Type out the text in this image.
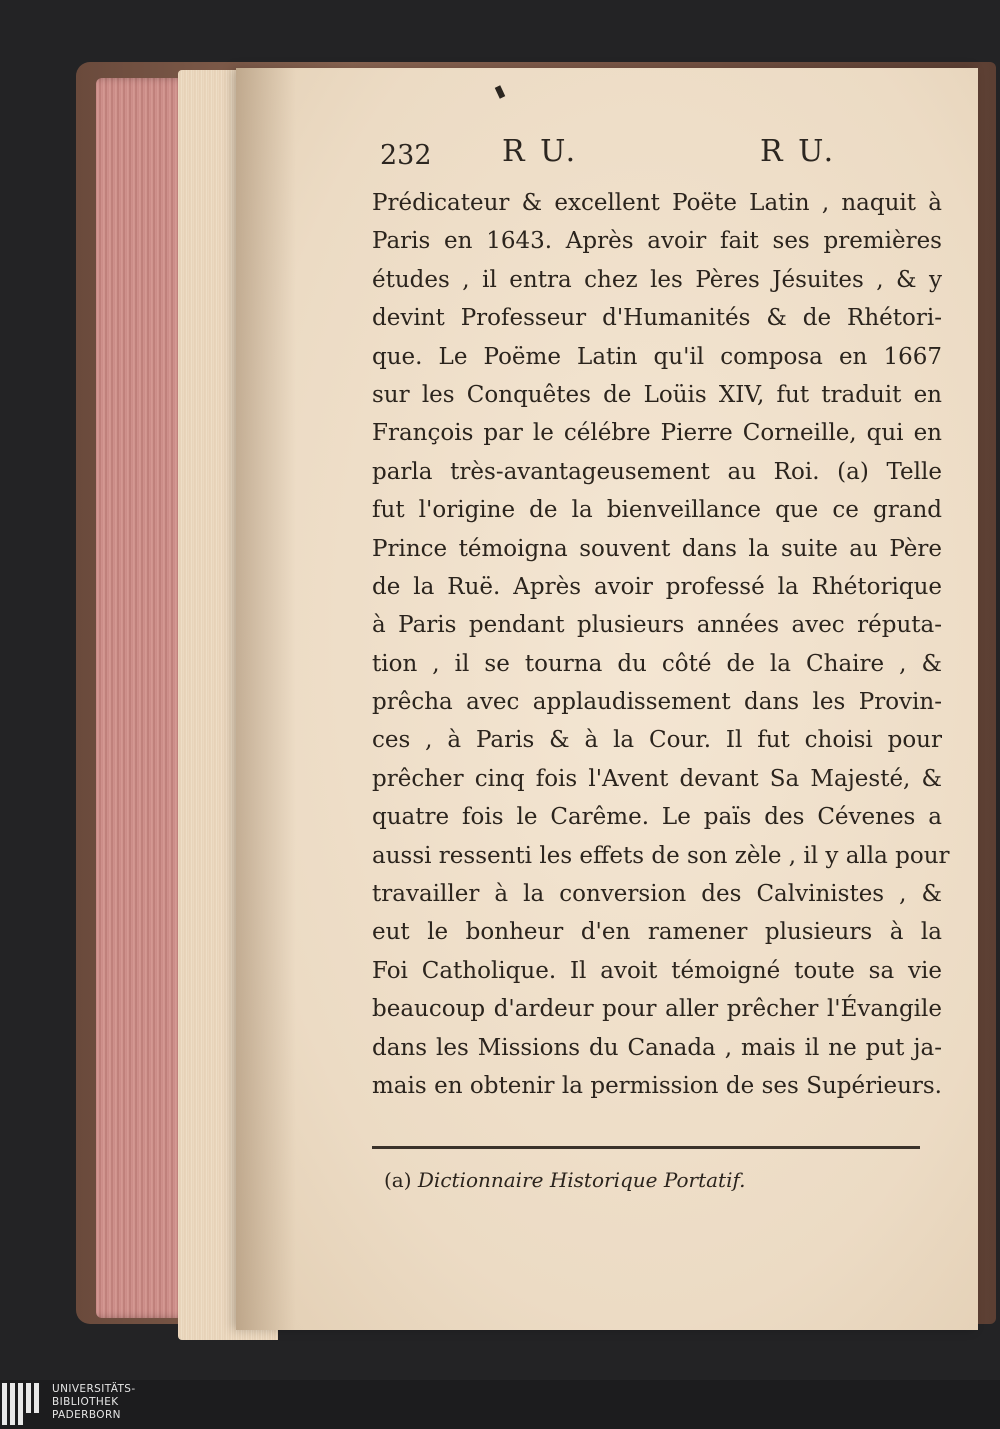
232 R U.	R U.
Prédicateur & excellent Poëte Latin , naquit à
Paris en 1643. Après avoir fait ses premières
études , il entra chez les Pères Jésuites , & y
devint Professeur d'Humanités & de Rhétori-
que. Le Poëme Latin qu'il composa en 1667
sur les Conquêtes de Loüis XIV, fut traduit en
François par le célébre Pierre Corneille, qui en
parla très-avantageusement au Roi. (a) Telle
fut l'origine de la bienveillance que ce grand
Prince témoigna souvent dans la suite au Père
de la Ruë. Après avoir professé la Rhétorique
à Paris pendant plusieurs années avec réputa-
tion , il se tourna du côté de la Chaire , &
prêcha avec applaudissement dans les Provin-
ces , à Paris & à la Cour. Il fut choisi pour
prêcher cinq fois l'Avent devant Sa Majesté, &
quatre fois le Carême. Le païs des Cévenes a
aussi ressenti les effets de son zèle , il y alla pour
travailler à la conversion des Calvinistes , &
eut le bonheur d'en ramener plusieurs à la
Foi Catholique. Il avoit témoigné toute sa vie
beaucoup d'ardeur pour aller prêcher l'Évangile
dans les Missions du Canada , mais il ne put ja-
mais en obtenir la permission de ses Supérieurs.
(a) Dictionnaire Historique Portatif.
UNIVERSITÄTS-
BIBLIOTHEK
PADERBORN
